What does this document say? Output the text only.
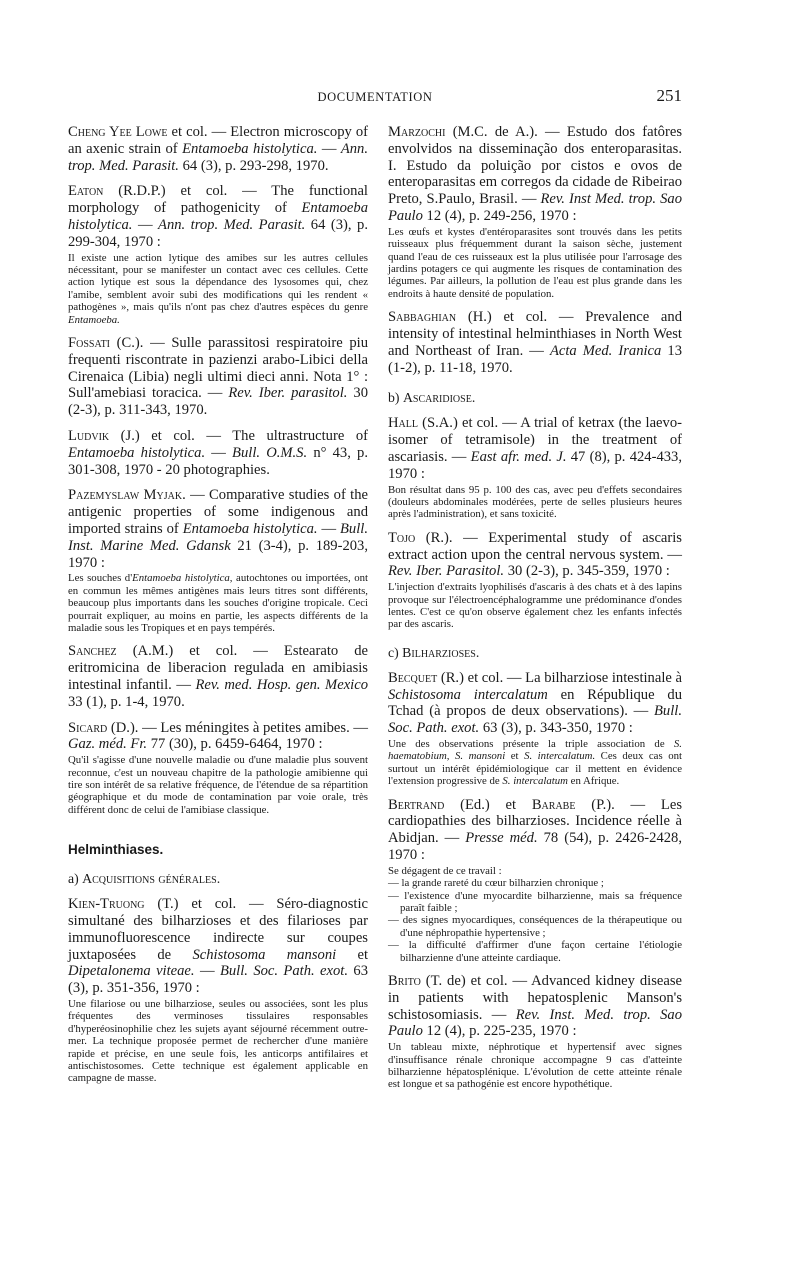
DOCUMENTATION	251

Cheng Yee Lowe et col. — Electron microscopy of an axenic strain of Entamoeba histolytica. — Ann. trop. Med. Parasit. 64 (3), p. 293-298, 1970.

Eaton (R.D.P.) et col. — The functional morphology of pathogenicity of Entamoeba histolytica. — Ann. trop. Med. Parasit. 64 (3), p. 299-304, 1970 :

Il existe une action lytique des amibes sur les autres cellules nécessitant, pour se manifester un contact avec ces cellules. Cette action lytique est sous la dépendance des lysosomes qui, chez l'amibe, semblent avoir subi des modifications qui les rendent « pathogènes », mais qu'ils n'ont pas chez d'autres espèces du genre Entamoeba.

Fossati (C.). — Sulle parassitosi respiratoire piu frequenti riscontrate in pazienzi arabo-Libici della Cirenaica (Libia) negli ultimi dieci anni. Nota 1° : Sull'amebiasi toracica. — Rev. Iber. parasitol. 30 (2-3), p. 311-343, 1970.

Ludvik (J.) et col. — The ultrastructure of Entamoeba histolytica. — Bull. O.M.S. n° 43, p. 301-308, 1970 - 20 photographies.

Pazemyslaw Myjak. — Comparative studies of the antigenic properties of some indigenous and imported strains of Entamoeba histolytica. — Bull. Inst. Marine Med. Gdansk 21 (3-4), p. 189-203, 1970 :

Les souches d'Entamoeba histolytica, autochtones ou importées, ont en commun les mêmes antigènes mais leurs titres sont différents, beaucoup plus importants dans les souches d'origine tropicale. Ceci pourrait expliquer, au moins en partie, les aspects différents de la maladie sous les Tropiques et en pays tempérés.

Sanchez (A.M.) et col. — Estearato de eritromicina de liberacion regulada en amibiasis intestinal infantil. — Rev. med. Hosp. gen. Mexico 33 (1), p. 1-4, 1970.

Sicard (D.). — Les méningites à petites amibes. — Gaz. méd. Fr. 77 (30), p. 6459-6464, 1970 :

Qu'il s'agisse d'une nouvelle maladie ou d'une maladie plus souvent reconnue, c'est un nouveau chapitre de la pathologie amibienne qui tire son intérêt de sa relative fréquence, de l'étendue de sa répartition géographique et du mode de contamination par voie orale, très différent donc de celui de l'amibiase classique.

Helminthiases.
a) Acquisitions générales.

Kien-Truong (T.) et col. — Séro-diagnostic simultané des bilharzioses et des filarioses par immunofluorescence indirecte sur coupes juxtaposées de Schistosoma mansoni et Dipetalonema viteae. — Bull. Soc. Path. exot. 63 (3), p. 351-356, 1970 :

Une filariose ou une bilharziose, seules ou associées, sont les plus fréquentes des verminoses tissulaires responsables d'hyperéosinophilie chez les sujets ayant séjourné récemment outre-mer. La technique proposée permet de rechercher d'une manière rapide et précise, en une seule fois, les anticorps antifilaires et antischistosomes. Cette technique est également applicable en campagne de masse.

Marzochi (M.C. de A.). — Estudo dos fatôres envolvidos na disseminação dos enteroparasitas. I. Estudo da poluição por cistos e ovos de enteroparasitas em corregos da cidade de Ribeirao Preto, S.Paulo, Brasil. — Rev. Inst Med. trop. Sao Paulo 12 (4), p. 249-256, 1970 :

Les œufs et kystes d'entéroparasites sont trouvés dans les petits ruisseaux plus fréquemment durant la saison sèche, justement quand l'eau de ces ruisseaux est la plus utilisée pour l'arrosage des jardins potagers ce qui augmente les risques de contamination des légumes. Par ailleurs, la pollution de l'eau est plus grande dans les endroits à haute densité de population.

Sabbaghian (H.) et col. — Prevalence and intensity of intestinal helminthiases in North West and Northeast of Iran. — Acta Med. Iranica 13 (1-2), p. 11-18, 1970.

b) Ascaridiose.

Hall (S.A.) et col. — A trial of ketrax (the laevo-isomer of tetramisole) in the treatment of ascariasis. — East afr. med. J. 47 (8), p. 424-433, 1970 :

Bon résultat dans 95 p. 100 des cas, avec peu d'effets secondaires (douleurs abdominales modérées, perte de selles plusieurs heures après l'administration), et sans toxicité.

Tojo (R.). — Experimental study of ascaris extract action upon the central nervous system. — Rev. Iber. Parasitol. 30 (2-3), p. 345-359, 1970 :

L'injection d'extraits lyophilisés d'ascaris à des chats et à des lapins provoque sur l'électroencéphalogramme une prédominance d'ondes lentes. C'est ce qu'on observe également chez les enfants infectés par des ascaris.

c) Bilharzioses.

Becquet (R.) et col. — La bilharziose intestinale à Schistosoma intercalatum en République du Tchad (à propos de deux observations). — Bull. Soc. Path. exot. 63 (3), p. 343-350, 1970 :

Une des observations présente la triple association de S. haematobium, S. mansoni et S. intercalatum. Ces deux cas ont surtout un intérêt épidémiologique car il mettent en évidence l'extension progressive de S. intercalatum en Afrique.

Bertrand (Ed.) et Barabe (P.). — Les cardiopathies des bilharzioses. Incidence réelle à Abidjan. — Presse méd. 78 (54), p. 2426-2428, 1970 :

Se dégagent de ce travail :

— la grande rareté du cœur bilharzien chronique ;
— l'existence d'une myocardite bilharzienne, mais sa fréquence paraît faible ;
— des signes myocardiques, conséquences de la thérapeutique ou d'une néphropathie hypertensive ;
— la difficulté d'affirmer d'une façon certaine l'étiologie bilharzienne d'une atteinte cardiaque.

Brito (T. de) et col. — Advanced kidney disease in patients with hepatosplenic Manson's schistosomiasis. — Rev. Inst. Med. trop. Sao Paulo 12 (4), p. 225-235, 1970 :

Un tableau mixte, néphrotique et hypertensif avec signes d'insuffisance rénale chronique accompagne 9 cas d'atteinte bilharzienne hépatosplénique. L'évolution de cette atteinte rénale est longue et sa pathogénie est encore hypothétique.
